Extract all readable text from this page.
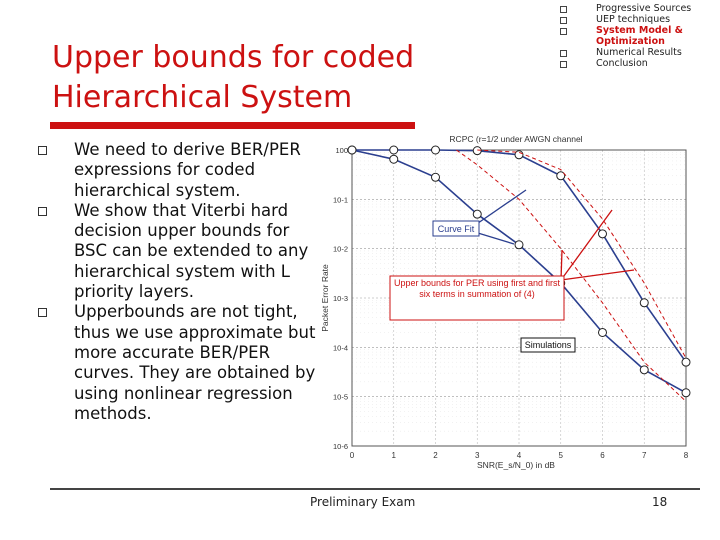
Upper bounds for coded Hierarchical System
Progressive Sources
UEP techniques
System Model & Optimization
Numerical Results
Conclusion
We need to derive BER/PER expressions for coded hierarchical system.
We show that Viterbi hard decision upper bounds for BSC can be extended to any hierarchical system with L priority layers.
Upperbounds are not tight, thus we use approximate but more accurate BER/PER curves. They are obtained by using nonlinear regression methods.
0	1	2	3	4	5	6	7	8
100
10-1
10-2
10-3
10-4
10-5
10-6
RCPC (r=1/2 under AWGN channel
SNR(E_s/N_0) in dB
Packet Error Rate
Curve Fit
Upper bounds for PER using first and first six terms in summation of (4)
Simulations
Preliminary Exam	18
